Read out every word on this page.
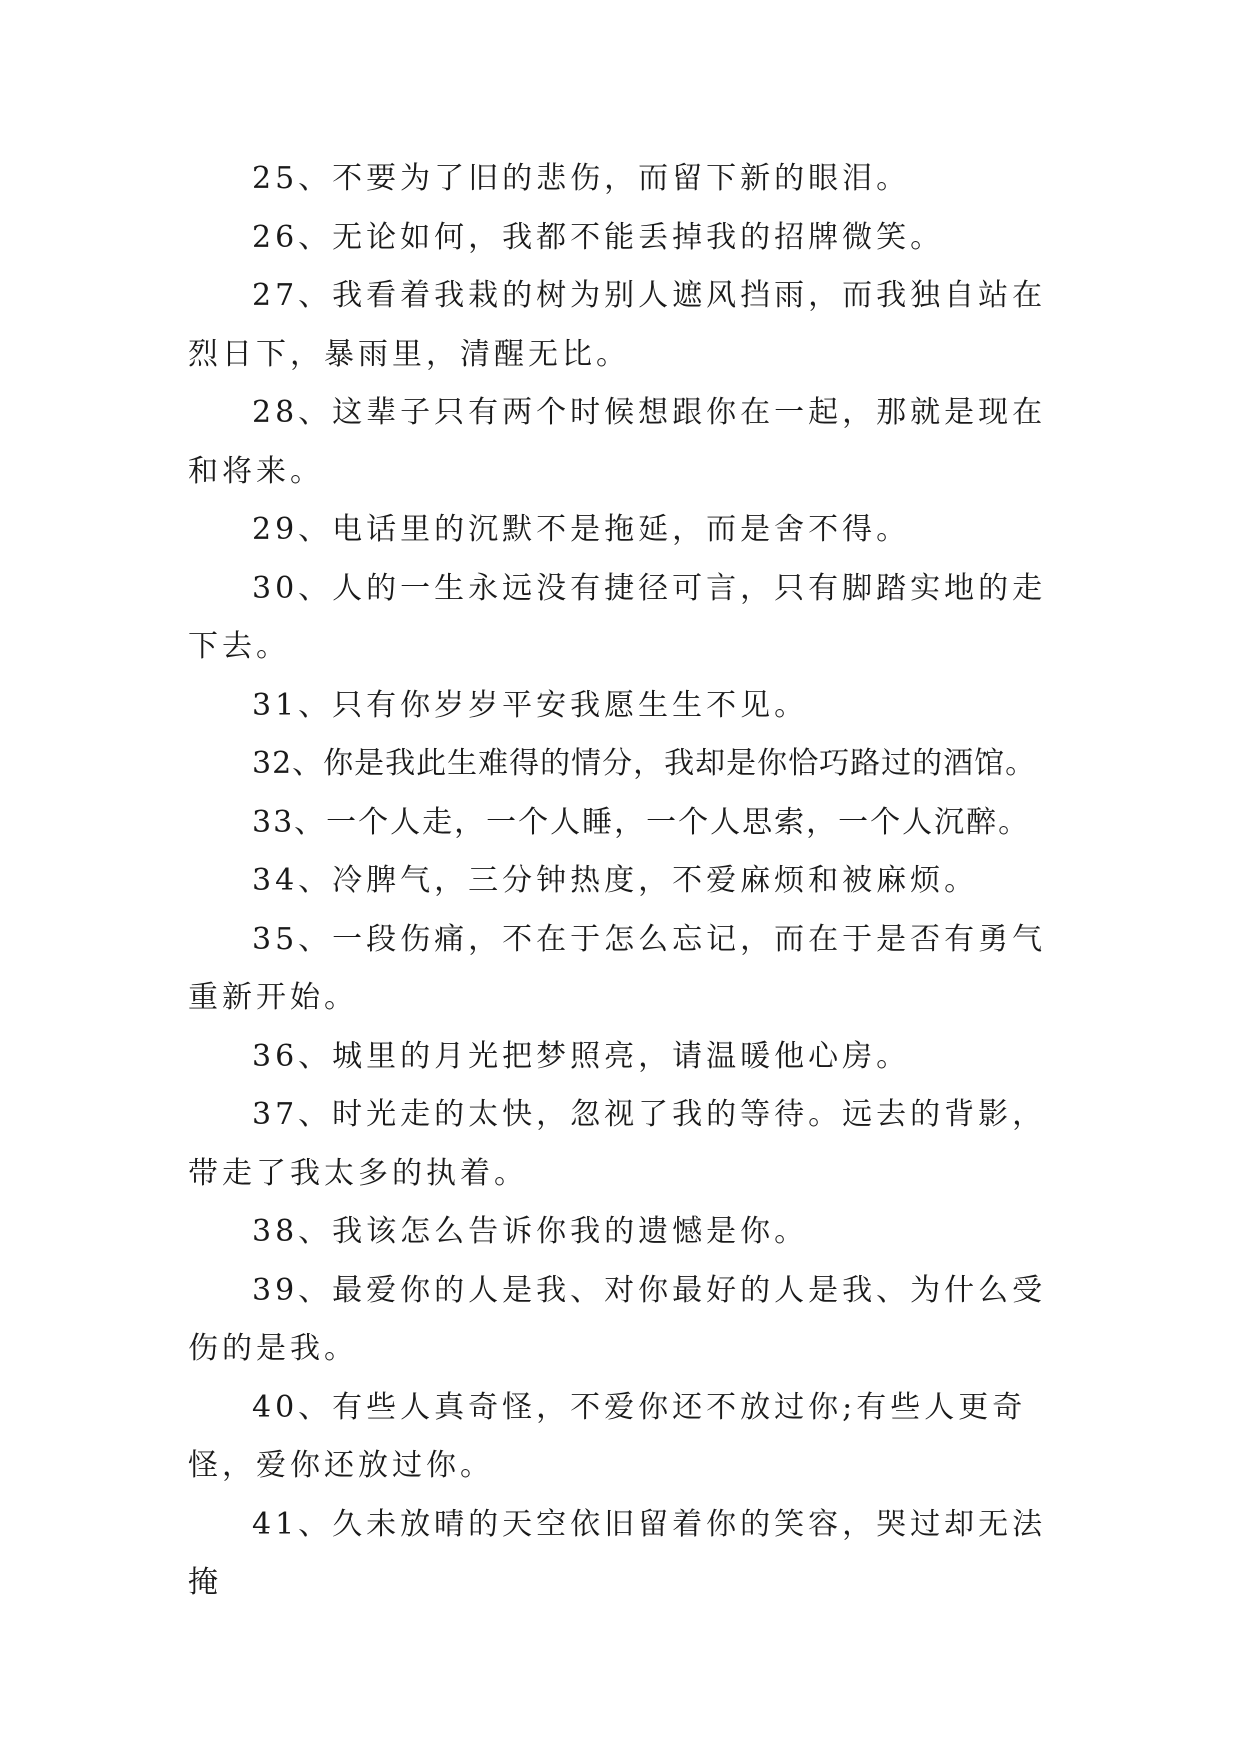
25、不要为了旧的悲伤，而留下新的眼泪。

26、无论如何，我都不能丢掉我的招牌微笑。

27、我看着我栽的树为别人遮风挡雨，而我独自站在烈日下，暴雨里，清醒无比。

28、这辈子只有两个时候想跟你在一起，那就是现在和将来。

29、电话里的沉默不是拖延，而是舍不得。

30、人的一生永远没有捷径可言，只有脚踏实地的走下去。

31、只有你岁岁平安我愿生生不见。

32、你是我此生难得的情分，我却是你恰巧路过的酒馆。

33、一个人走，一个人睡，一个人思索，一个人沉醉。

34、冷脾气，三分钟热度，不爱麻烦和被麻烦。

35、一段伤痛，不在于怎么忘记，而在于是否有勇气重新开始。

36、城里的月光把梦照亮，请温暖他心房。

37、时光走的太快，忽视了我的等待。远去的背影，带走了我太多的执着。

38、我该怎么告诉你我的遗憾是你。

39、最爱你的人是我、对你最好的人是我、为什么受伤的是我。

40、有些人真奇怪，不爱你还不放过你;有些人更奇怪，爱你还放过你。

41、久未放晴的天空依旧留着你的笑容，哭过却无法掩
